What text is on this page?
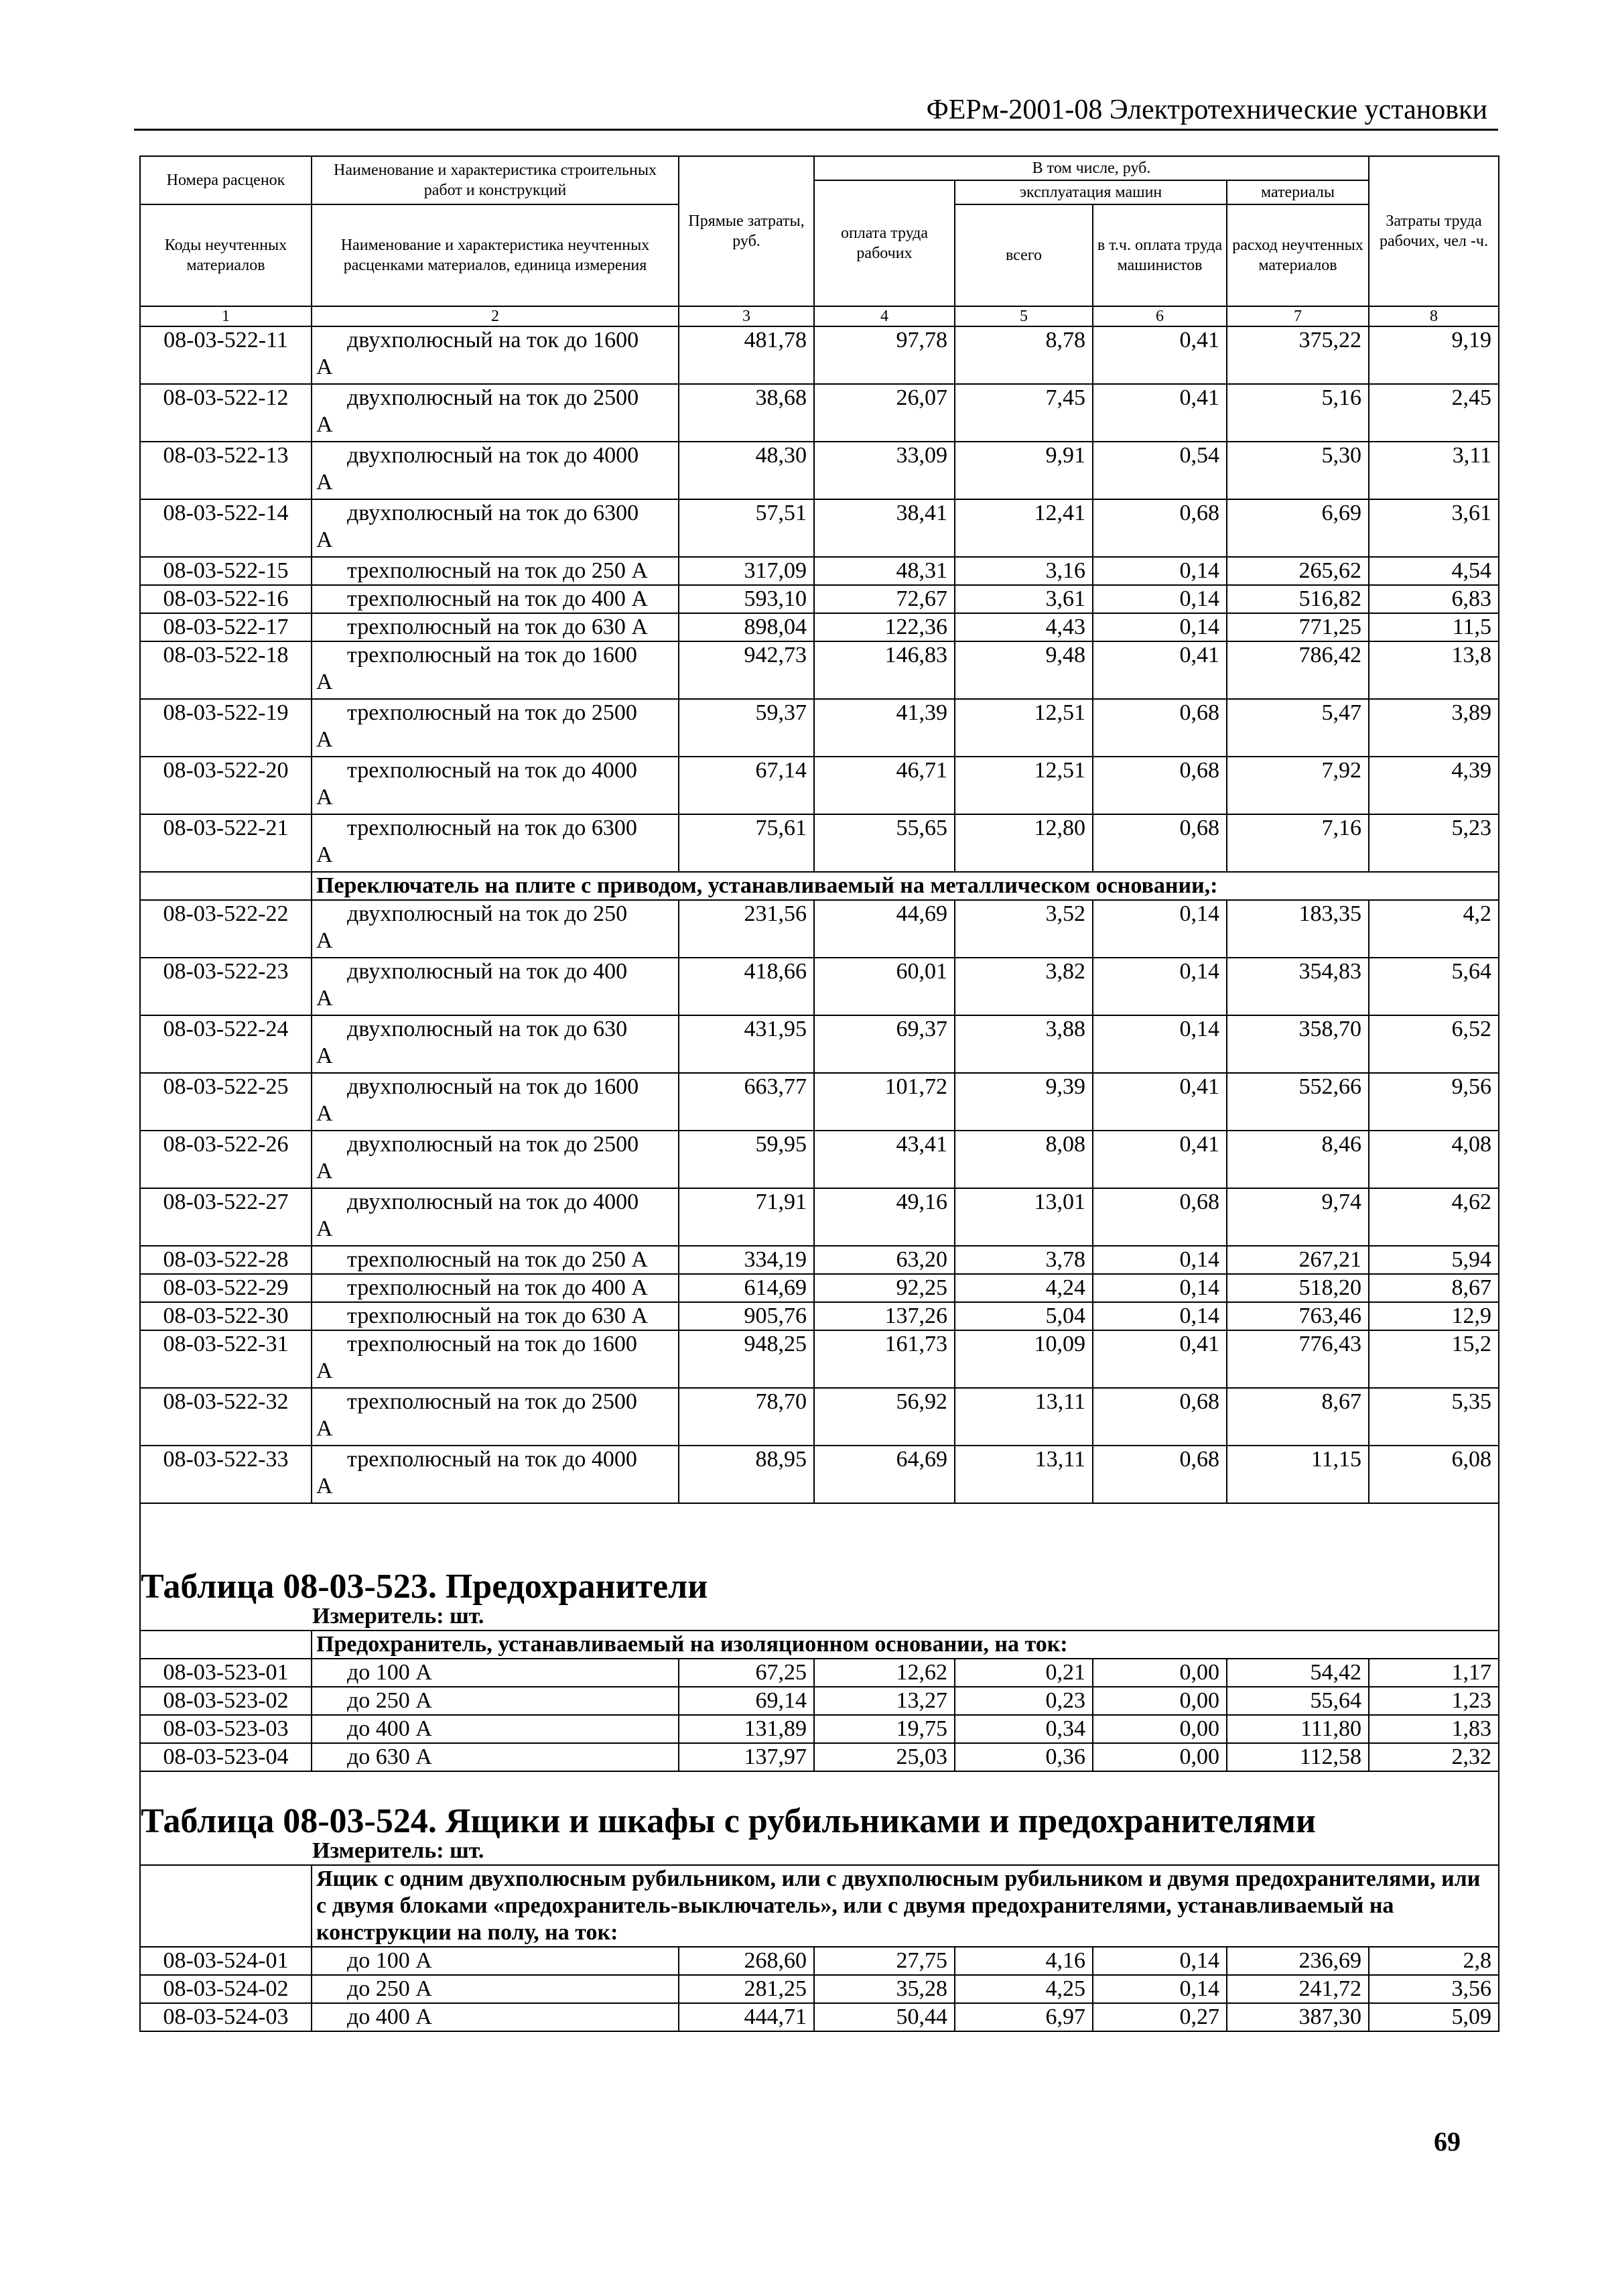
ФЕРм-2001-08 Электротехнические установки
Номера расценок	Наименование и характеристика строительных работ и конструкций	Прямые затраты, руб.	В том числе, руб.				Затраты труда рабочих, чел -ч.
			оплата труда рабочих	эксплуатация машин		материалы	
Коды неучтенных материалов	Наименование и характеристика неучтенных расценками материалов, единица измерения			всего	в т.ч. оплата труда машинистов	расход неучтенных материалов	

1	2	3	4	5	6	7	8
08-03-522-11	двухполюсный на ток до 1600
A	481,78	97,78	8,78	0,41	375,22	9,19
08-03-522-12	двухполюсный на ток до 2500
A	38,68	26,07	7,45	0,41	5,16	2,45
08-03-522-13	двухполюсный на ток до 4000
A	48,30	33,09	9,91	0,54	5,30	3,11
08-03-522-14	двухполюсный на ток до 6300
A	57,51	38,41	12,41	0,68	6,69	3,61
08-03-522-15	трехполюсный на ток до 250 A	317,09	48,31	3,16	0,14	265,62	4,54
08-03-522-16	трехполюсный на ток до 400 A	593,10	72,67	3,61	0,14	516,82	6,83
08-03-522-17	трехполюсный на ток до 630 A	898,04	122,36	4,43	0,14	771,25	11,5
08-03-522-18	трехполюсный на ток до 1600
A	942,73	146,83	9,48	0,41	786,42	13,8
08-03-522-19	трехполюсный на ток до 2500
A	59,37	41,39	12,51	0,68	5,47	3,89
08-03-522-20	трехполюсный на ток до 4000
A	67,14	46,71	12,51	0,68	7,92	4,39
08-03-522-21	трехполюсный на ток до 6300
A	75,61	55,65	12,80	0,68	7,16	5,23
	Переключатель на плите с приводом, устанавливаемый на металлическом основании,:						
08-03-522-22	двухполюсный на ток до 250
A	231,56	44,69	3,52	0,14	183,35	4,2
08-03-522-23	двухполюсный на ток до 400
A	418,66	60,01	3,82	0,14	354,83	5,64
08-03-522-24	двухполюсный на ток до 630
A	431,95	69,37	3,88	0,14	358,70	6,52
08-03-522-25	двухполюсный на ток до 1600
A	663,77	101,72	9,39	0,41	552,66	9,56
08-03-522-26	двухполюсный на ток до 2500
A	59,95	43,41	8,08	0,41	8,46	4,08
08-03-522-27	двухполюсный на ток до 4000
A	71,91	49,16	13,01	0,68	9,74	4,62
08-03-522-28	трехполюсный на ток до 250 A	334,19	63,20	3,78	0,14	267,21	5,94
08-03-522-29	трехполюсный на ток до 400 A	614,69	92,25	4,24	0,14	518,20	8,67
08-03-522-30	трехполюсный на ток до 630 A	905,76	137,26	5,04	0,14	763,46	12,9
08-03-522-31	трехполюсный на ток до 1600
A	948,25	161,73	10,09	0,41	776,43	15,2
08-03-522-32	трехполюсный на ток до 2500
A	78,70	56,92	13,11	0,68	8,67	5,35
08-03-522-33	трехполюсный на ток до 4000
A	88,95	64,69	13,11	0,68	11,15	6,08

Таблица 08-03-523. Предохранители							
Измеритель: шт.							
	Предохранитель, устанавливаемый на изоляционном основании, на ток:						
08-03-523-01	до 100 A	67,25	12,62	0,21	0,00	54,42	1,17
08-03-523-02	до 250 A	69,14	13,27	0,23	0,00	55,64	1,23
08-03-523-03	до 400 A	131,89	19,75	0,34	0,00	111,80	1,83
08-03-523-04	до 630 A	137,97	25,03	0,36	0,00	112,58	2,32

Таблица 08-03-524. Ящики и шкафы с рубильниками и предохранителями							
Измеритель: шт.							
	Ящик с одним двухполюсным рубильником, или с двухполюсным рубильником и двумя предохранителями, или с двумя блоками «предохранитель-выключатель», или с двумя предохранителями, устанавливаемый на конструкции на полу, на ток:						
08-03-524-01	до 100 A	268,60	27,75	4,16	0,14	236,69	2,8
08-03-524-02	до 250 A	281,25	35,28	4,25	0,14	241,72	3,56
08-03-524-03	до 400 A	444,71	50,44	6,97	0,27	387,30	5,09
69
